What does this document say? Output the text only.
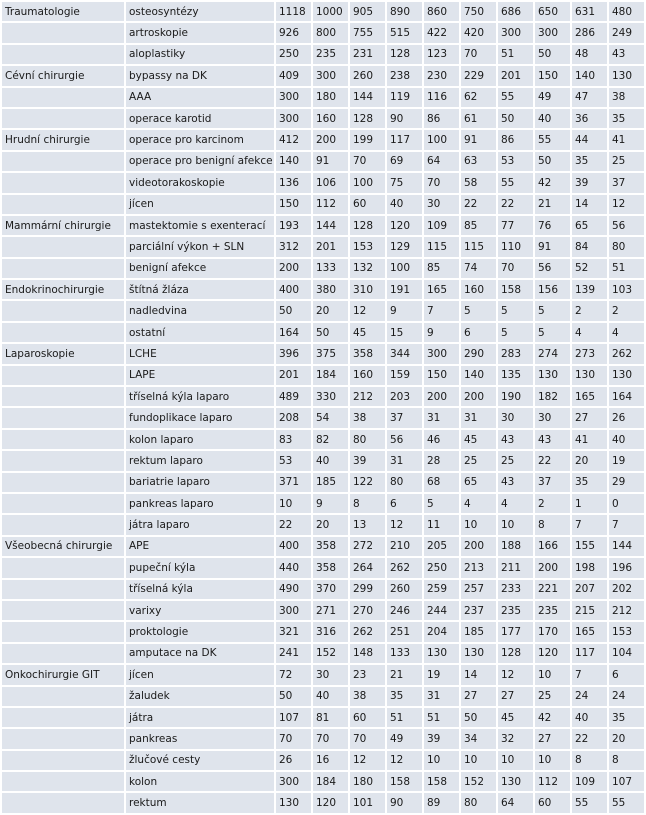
Traumatologie	osteosyntézy	1118	1000	905	890	860	750	686	650	631	480
	artroskopie	926	800	755	515	422	420	300	300	286	249
	aloplastiky	250	235	231	128	123	70	51	50	48	43
Cévní chirurgie	bypassy na DK	409	300	260	238	230	229	201	150	140	130
	AAA	300	180	144	119	116	62	55	49	47	38
	operace karotid	300	160	128	90	86	61	50	40	36	35
Hrudní chirurgie	operace pro karcinom	412	200	199	117	100	91	86	55	44	41
	operace pro benigní afekce	140	91	70	69	64	63	53	50	35	25
	videotorakoskopie	136	106	100	75	70	58	55	42	39	37
	jícen	150	112	60	40	30	22	22	21	14	12
Mammární chirurgie	mastektomie s exenterací	193	144	128	120	109	85	77	76	65	56
	parciální výkon + SLN	312	201	153	129	115	115	110	91	84	80
	benigní afekce	200	133	132	100	85	74	70	56	52	51
Endokrinochirurgie	štítná žláza	400	380	310	191	165	160	158	156	139	103
	nadledvina	50	20	12	9	7	5	5	5	2	2
	ostatní	164	50	45	15	9	6	5	5	4	4
Laparoskopie	LCHE	396	375	358	344	300	290	283	274	273	262
	LAPE	201	184	160	159	150	140	135	130	130	130
	tříselná kýla laparo	489	330	212	203	200	200	190	182	165	164
	fundoplikace laparo	208	54	38	37	31	31	30	30	27	26
	kolon laparo	83	82	80	56	46	45	43	43	41	40
	rektum laparo	53	40	39	31	28	25	25	22	20	19
	bariatrie laparo	371	185	122	80	68	65	43	37	35	29
	pankreas laparo	10	9	8	6	5	4	4	2	1	0
	játra laparo	22	20	13	12	11	10	10	8	7	7
Všeobecná chirurgie	APE	400	358	272	210	205	200	188	166	155	144
	pupeční kýla	440	358	264	262	250	213	211	200	198	196
	tříselná kýla	490	370	299	260	259	257	233	221	207	202
	varixy	300	271	270	246	244	237	235	235	215	212
	proktologie	321	316	262	251	204	185	177	170	165	153
	amputace na DK	241	152	148	133	130	130	128	120	117	104
Onkochirurgie GIT	jícen	72	30	23	21	19	14	12	10	7	6
	žaludek	50	40	38	35	31	27	27	25	24	24
	játra	107	81	60	51	51	50	45	42	40	35
	pankreas	70	70	70	49	39	34	32	27	22	20
	žlučové cesty	26	16	12	12	10	10	10	10	8	8
	kolon	300	184	180	158	158	152	130	112	109	107
	rektum	130	120	101	90	89	80	64	60	55	55
